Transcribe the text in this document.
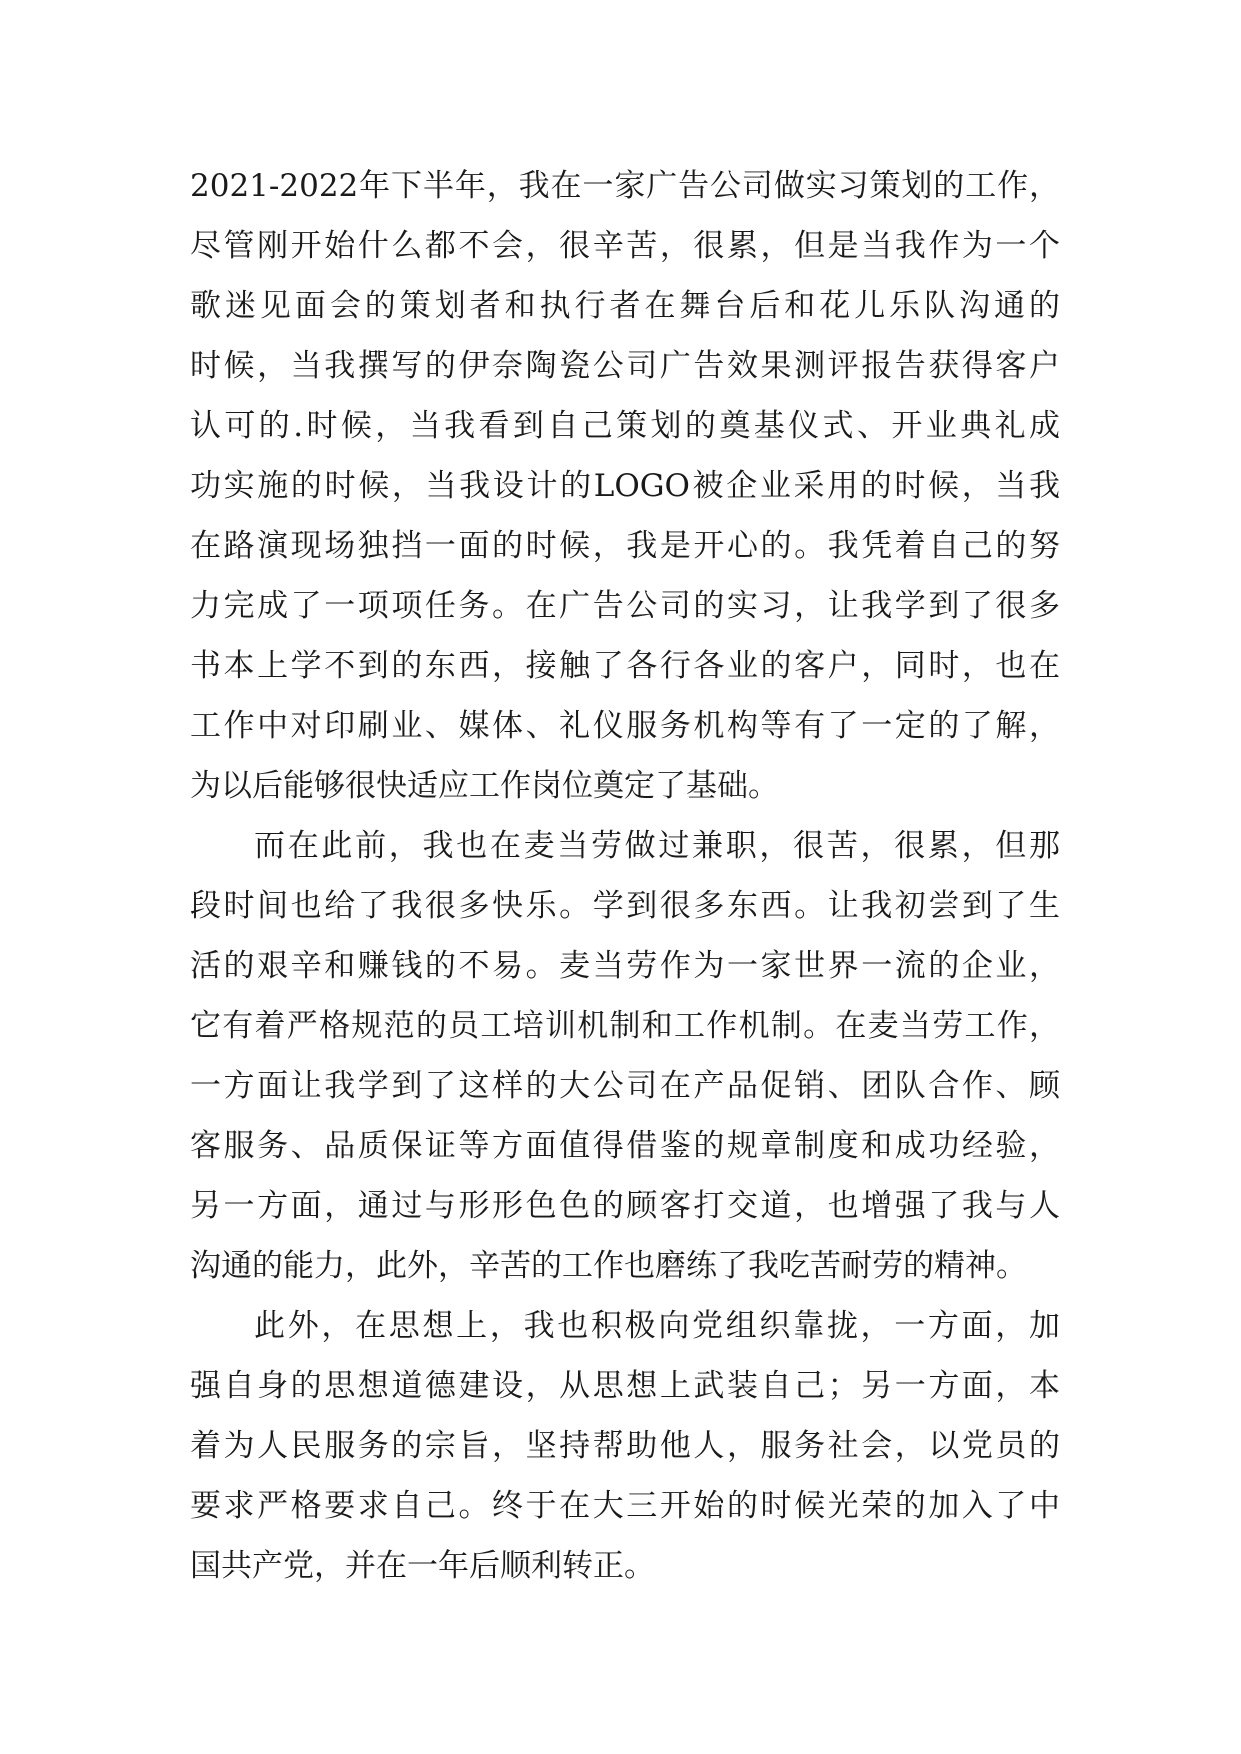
2021-2022年下半年，我在一家广告公司做实习策划的工作，
尽管刚开始什么都不会，很辛苦，很累，但是当我作为一个
歌迷见面会的策划者和执行者在舞台后和花儿乐队沟通的
时候，当我撰写的伊奈陶瓷公司广告效果测评报告获得客户
认可的.时候，当我看到自己策划的奠基仪式、开业典礼成
功实施的时候，当我设计的LOGO被企业采用的时候，当我
在路演现场独挡一面的时候，我是开心的。我凭着自己的努
力完成了一项项任务。在广告公司的实习，让我学到了很多
书本上学不到的东西，接触了各行各业的客户，同时，也在
工作中对印刷业、媒体、礼仪服务机构等有了一定的了解，
为以后能够很快适应工作岗位奠定了基础。
而在此前，我也在麦当劳做过兼职，很苦，很累，但那
段时间也给了我很多快乐。学到很多东西。让我初尝到了生
活的艰辛和赚钱的不易。麦当劳作为一家世界一流的企业，
它有着严格规范的员工培训机制和工作机制。在麦当劳工作，
一方面让我学到了这样的大公司在产品促销、团队合作、顾
客服务、品质保证等方面值得借鉴的规章制度和成功经验，
另一方面，通过与形形色色的顾客打交道，也增强了我与人
沟通的能力，此外，辛苦的工作也磨练了我吃苦耐劳的精神。
此外，在思想上，我也积极向党组织靠拢，一方面，加
强自身的思想道德建设，从思想上武装自己；另一方面，本
着为人民服务的宗旨，坚持帮助他人，服务社会，以党员的
要求严格要求自己。终于在大三开始的时候光荣的加入了中
国共产党，并在一年后顺利转正。
